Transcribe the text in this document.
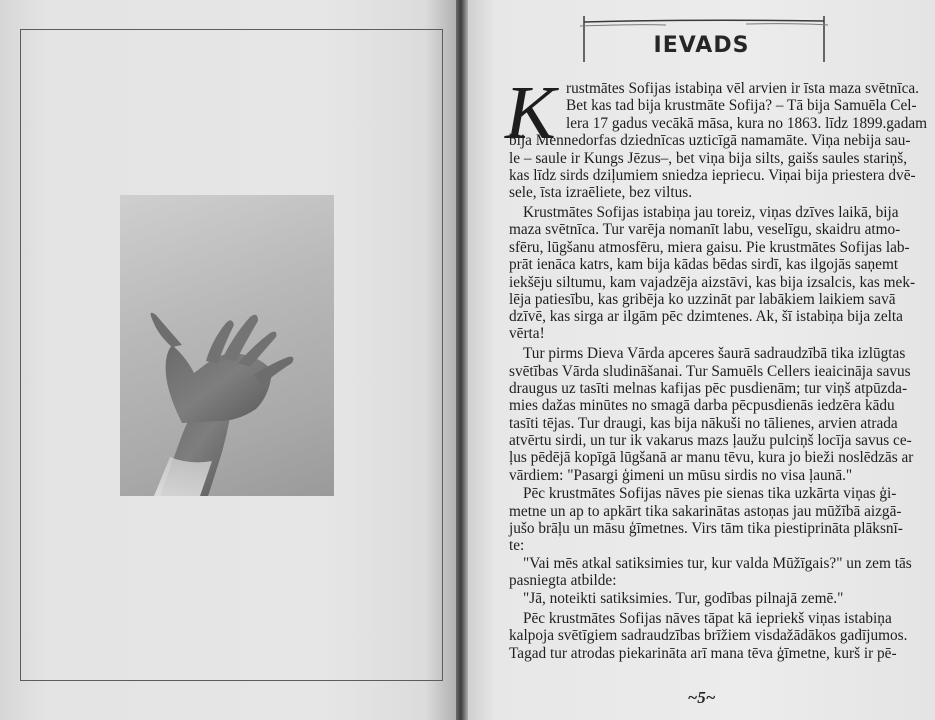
IEVADS
K rustmātes Sofijas istabiņa vēl arvien ir īsta maza svētnīca.
Bet kas tad bija krustmāte Sofija? – Tā bija Samuēla Cel-
lera 17 gadus vecākā māsa, kura no 1863. līdz 1899.gadam
bija Mennedorfas dziednīcas uzticīgā namamāte. Viņa nebija sau-
le – saule ir Kungs Jēzus–, bet viņa bija silts, gaišs saules stariņš,
kas līdz sirds dziļumiem sniedza iepriecu. Viņai bija priestera dvē-
sele, īsta izraēliete, bez viltus.
Krustmātes Sofijas istabiņa jau toreiz, viņas dzīves laikā, bija
maza svētnīca. Tur varēja nomanīt labu, veselīgu, skaidru atmo-
sfēru, lūgšanu atmosfēru, miera gaisu. Pie krustmātes Sofijas lab-
prāt ienāca katrs, kam bija kādas bēdas sirdī, kas ilgojās saņemt
iekšēju siltumu, kam vajadzēja aizstāvi, kas bija izsalcis, kas mek-
lēja patiesību, kas gribēja ko uzzināt par labākiem laikiem savā
dzīvē, kas sirga ar ilgām pēc dzimtenes. Ak, šī istabiņa bija zelta
vērta!
Tur pirms Dieva Vārda apceres šaurā sadraudzībā tika izlūgtas
svētības Vārda sludināšanai. Tur Samuēls Cellers ieaicināja savus
draugus uz tasīti melnas kafijas pēc pusdienām; tur viņš atpūzda-
mies dažas minūtes no smagā darba pēcpusdienās iedzēra kādu
tasīti tējas. Tur draugi, kas bija nākuši no tālienes, arvien atrada
atvērtu sirdi, un tur ik vakarus mazs ļaužu pulciņš locīja savus ce-
ļus pēdējā kopīgā lūgšanā ar manu tēvu, kura jo bieži noslēdzās ar
vārdiem: "Pasargi ģimeni un mūsu sirdis no visa ļaunā."
Pēc krustmātes Sofijas nāves pie sienas tika uzkārta viņas ģi-
metne un ap to apkārt tika sakarinātas astoņas jau mūžībā aizgā-
jušo brāļu un māsu ģīmetnes. Virs tām tika piestiprināta plāksnī-
te:
"Vai mēs atkal satiksimies tur, kur valda Mūžīgais?" un zem tās
pasniegta atbilde:
"Jā, noteikti satiksimies. Tur, godības pilnajā zemē."
Pēc krustmātes Sofijas nāves tāpat kā iepriekš viņas istabiņa
kalpoja svētīgiem sadraudzības brīžiem visdažādākos gadījumos.
Tagad tur atrodas piekarināta arī mana tēva ģīmetne, kurš ir pē-
~5~
